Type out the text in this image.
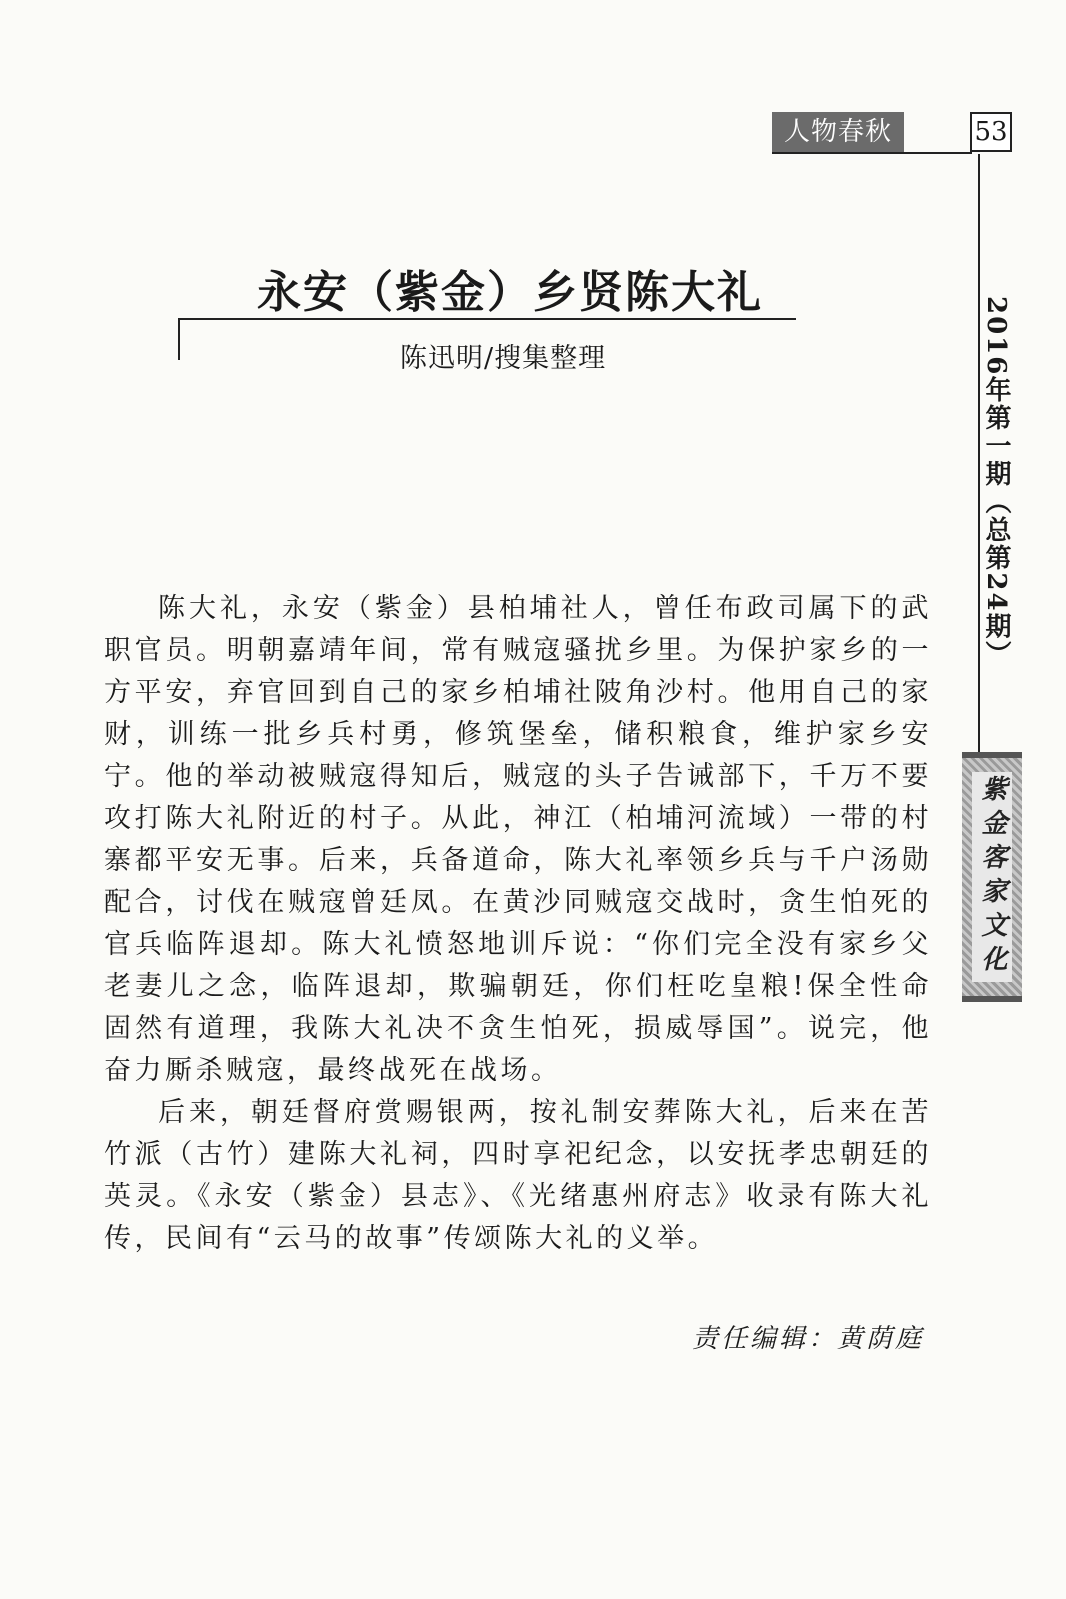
人物春秋	53
2016年第一期（总第24期）
紫金客家文化
永安（紫金）乡贤陈大礼
陈迅明/搜集整理

陈大礼，永安（紫金）县柏埔社人，曾任布政司属下的武职官员。明朝嘉靖年间，常有贼寇骚扰乡里。为保护家乡的一方平安，弃官回到自己的家乡柏埔社陂角沙村。他用自己的家财，训练一批乡兵村勇，修筑堡垒，储积粮食，维护家乡安宁。他的举动被贼寇得知后，贼寇的头子告诫部下，千万不要攻打陈大礼附近的村子。从此，神江（柏埔河流域）一带的村寨都平安无事。后来，兵备道命，陈大礼率领乡兵与千户汤勋配合，讨伐在贼寇曾廷凤。在黄沙同贼寇交战时，贪生怕死的官兵临阵退却。陈大礼愤怒地训斥说：“你们完全没有家乡父老妻儿之念，临阵退却，欺骗朝廷，你们枉吃皇粮!保全性命固然有道理，我陈大礼决不贪生怕死，损威辱国”。说完，他奋力厮杀贼寇，最终战死在战场。

后来，朝廷督府赏赐银两，按礼制安葬陈大礼，后来在苦竹派（古竹）建陈大礼祠，四时享祀纪念，以安抚孝忠朝廷的英灵。《永安（紫金）县志》、《光绪惠州府志》收录有陈大礼传，民间有“云马的故事”传颂陈大礼的义举。

责任编辑：黄荫庭
